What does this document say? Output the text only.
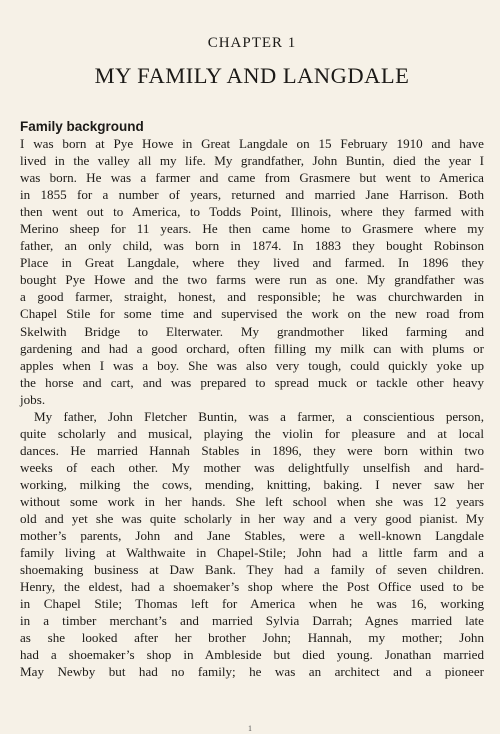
CHAPTER 1

MY FAMILY AND LANGDALE
Family background

I was born at Pye Howe in Great Langdale on 15 February 1910 and have
lived in the valley all my life. My grandfather, John Buntin, died the year I
was born. He was a farmer and came from Grasmere but went to America
in 1855 for a number of years, returned and married Jane Harrison. Both
then went out to America, to Todds Point, Illinois, where they farmed with
Merino sheep for 11 years. He then came home to Grasmere where my
father, an only child, was born in 1874. In 1883 they bought Robinson
Place in Great Langdale, where they lived and farmed. In 1896 they
bought Pye Howe and the two farms were run as one. My grandfather was
a good farmer, straight, honest, and responsible; he was churchwarden in
Chapel Stile for some time and supervised the work on the new road from
Skelwith Bridge to Elterwater. My grandmother liked farming and
gardening and had a good orchard, often filling my milk can with plums or
apples when I was a boy. She was also very tough, could quickly yoke up
the horse and cart, and was prepared to spread muck or tackle other heavy
jobs.

My father, John Fletcher Buntin, was a farmer, a conscientious person,
quite scholarly and musical, playing the violin for pleasure and at local
dances. He married Hannah Stables in 1896, they were born within two
weeks of each other. My mother was delightfully unselfish and hard-
working, milking the cows, mending, knitting, baking. I never saw her
without some work in her hands. She left school when she was 12 years
old and yet she was quite scholarly in her way and a very good pianist. My
mother’s parents, John and Jane Stables, were a well-known Langdale
family living at Walthwaite in Chapel-Stile; John had a little farm and a
shoemaking business at Daw Bank. They had a family of seven children.
Henry, the eldest, had a shoemaker’s shop where the Post Office used to be
in Chapel Stile; Thomas left for America when he was 16, working
in a timber merchant’s and married Sylvia Darrah; Agnes married late
as she looked after her brother John; Hannah, my mother; John
had a shoemaker’s shop in Ambleside but died young. Jonathan married
May Newby but had no family; he was an architect and a pioneer

1
